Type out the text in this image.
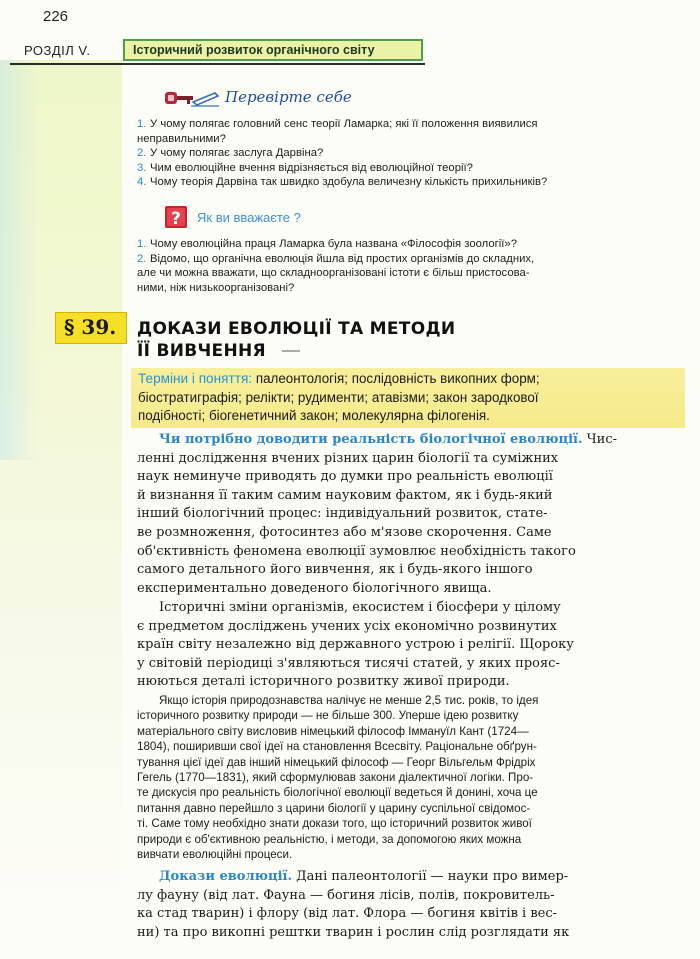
226
РОЗДІЛ V.	Історичний розвиток органічного світу
Перевірте себе
1. У чому полягає головний сенс теорії Ламарка; які її положення виявилися
неправильними?
2. У чому полягає заслуга Дарвіна?
3. Чим еволюційне вчення відрізняється від еволюційної теорії?
4. Чому теорія Дарвіна так швидко здобула величезну кількість прихильників?
? Як ви вважаєте ?
1. Чому еволюційна праця Ламарка була названа «Філософія зоології»?
2. Відомо, що органічна еволюція йшла від простих організмів до складних,
але чи можна вважати, що складноорганізовані істоти є більш пристосова-
ними, ніж низькоорганізовані?
§ 39.	ДОКАЗИ ЕВОЛЮЦІЇ ТА МЕТОДИ
ЇЇ ВИВЧЕННЯ
Терміни і поняття: палеонтологія; послідовність викопних форм;
біостратиграфія; релікти; рудименти; атавізми; закон зародкової
подібності; біогенетичний закон; молекулярна філогенія.
Чи потрібно доводити реальність біологічної еволюції. Чис-
ленні дослідження вчених різних царин біології та суміжних
наук неминуче приводять до думки про реальність еволюції
й визнання її таким самим науковим фактом, як і будь-який
інший біологічний процес: індивідуальний розвиток, стате-
ве розмноження, фотосинтез або м'язове скорочення. Саме
об'єктивність феномена еволюції зумовлює необхідність такого
самого детального його вивчення, як і будь-якого іншого
експериментально доведеного біологічного явища.
Історичні зміни організмів, екосистем і біосфери у цілому
є предметом досліджень учених усіх економічно розвинутих
країн світу незалежно від державного устрою і релігії. Щороку
у світовій періодиці з'являються тисячі статей, у яких прояс-
нюються деталі історичного розвитку живої природи.
Якщо історія природознавства налічує не менше 2,5 тис. років, то ідея
історичного розвитку природи — не більше 300. Уперше ідею розвитку
матеріального світу висловив німецький філософ Іммануїл Кант (1724—
1804), поширивши свої ідеї на становлення Всесвіту. Раціональне обґрун-
тування цієї ідеї дав інший німецький філософ — Георг Вільгельм Фрідріх
Гегель (1770—1831), який сформулював закони діалектичної логіки. Про-
те дискусія про реальність біологічної еволюції ведеться й донині, хоча це
питання давно перейшло з царини біології у царину суспільної свідомос-
ті. Саме тому необхідно знати докази того, що історичний розвиток живої
природи є об'єктивною реальністю, і методи, за допомогою яких можна
вивчати еволюційні процеси.
Докази еволюції. Дані палеонтології — науки про вимер-
лу фауну (від лат. Фауна — богиня лісів, полів, покровитель-
ка стад тварин) і флору (від лат. Флора — богиня квітів і вес-
ни) та про викопні рештки тварин і рослин слід розглядати як
